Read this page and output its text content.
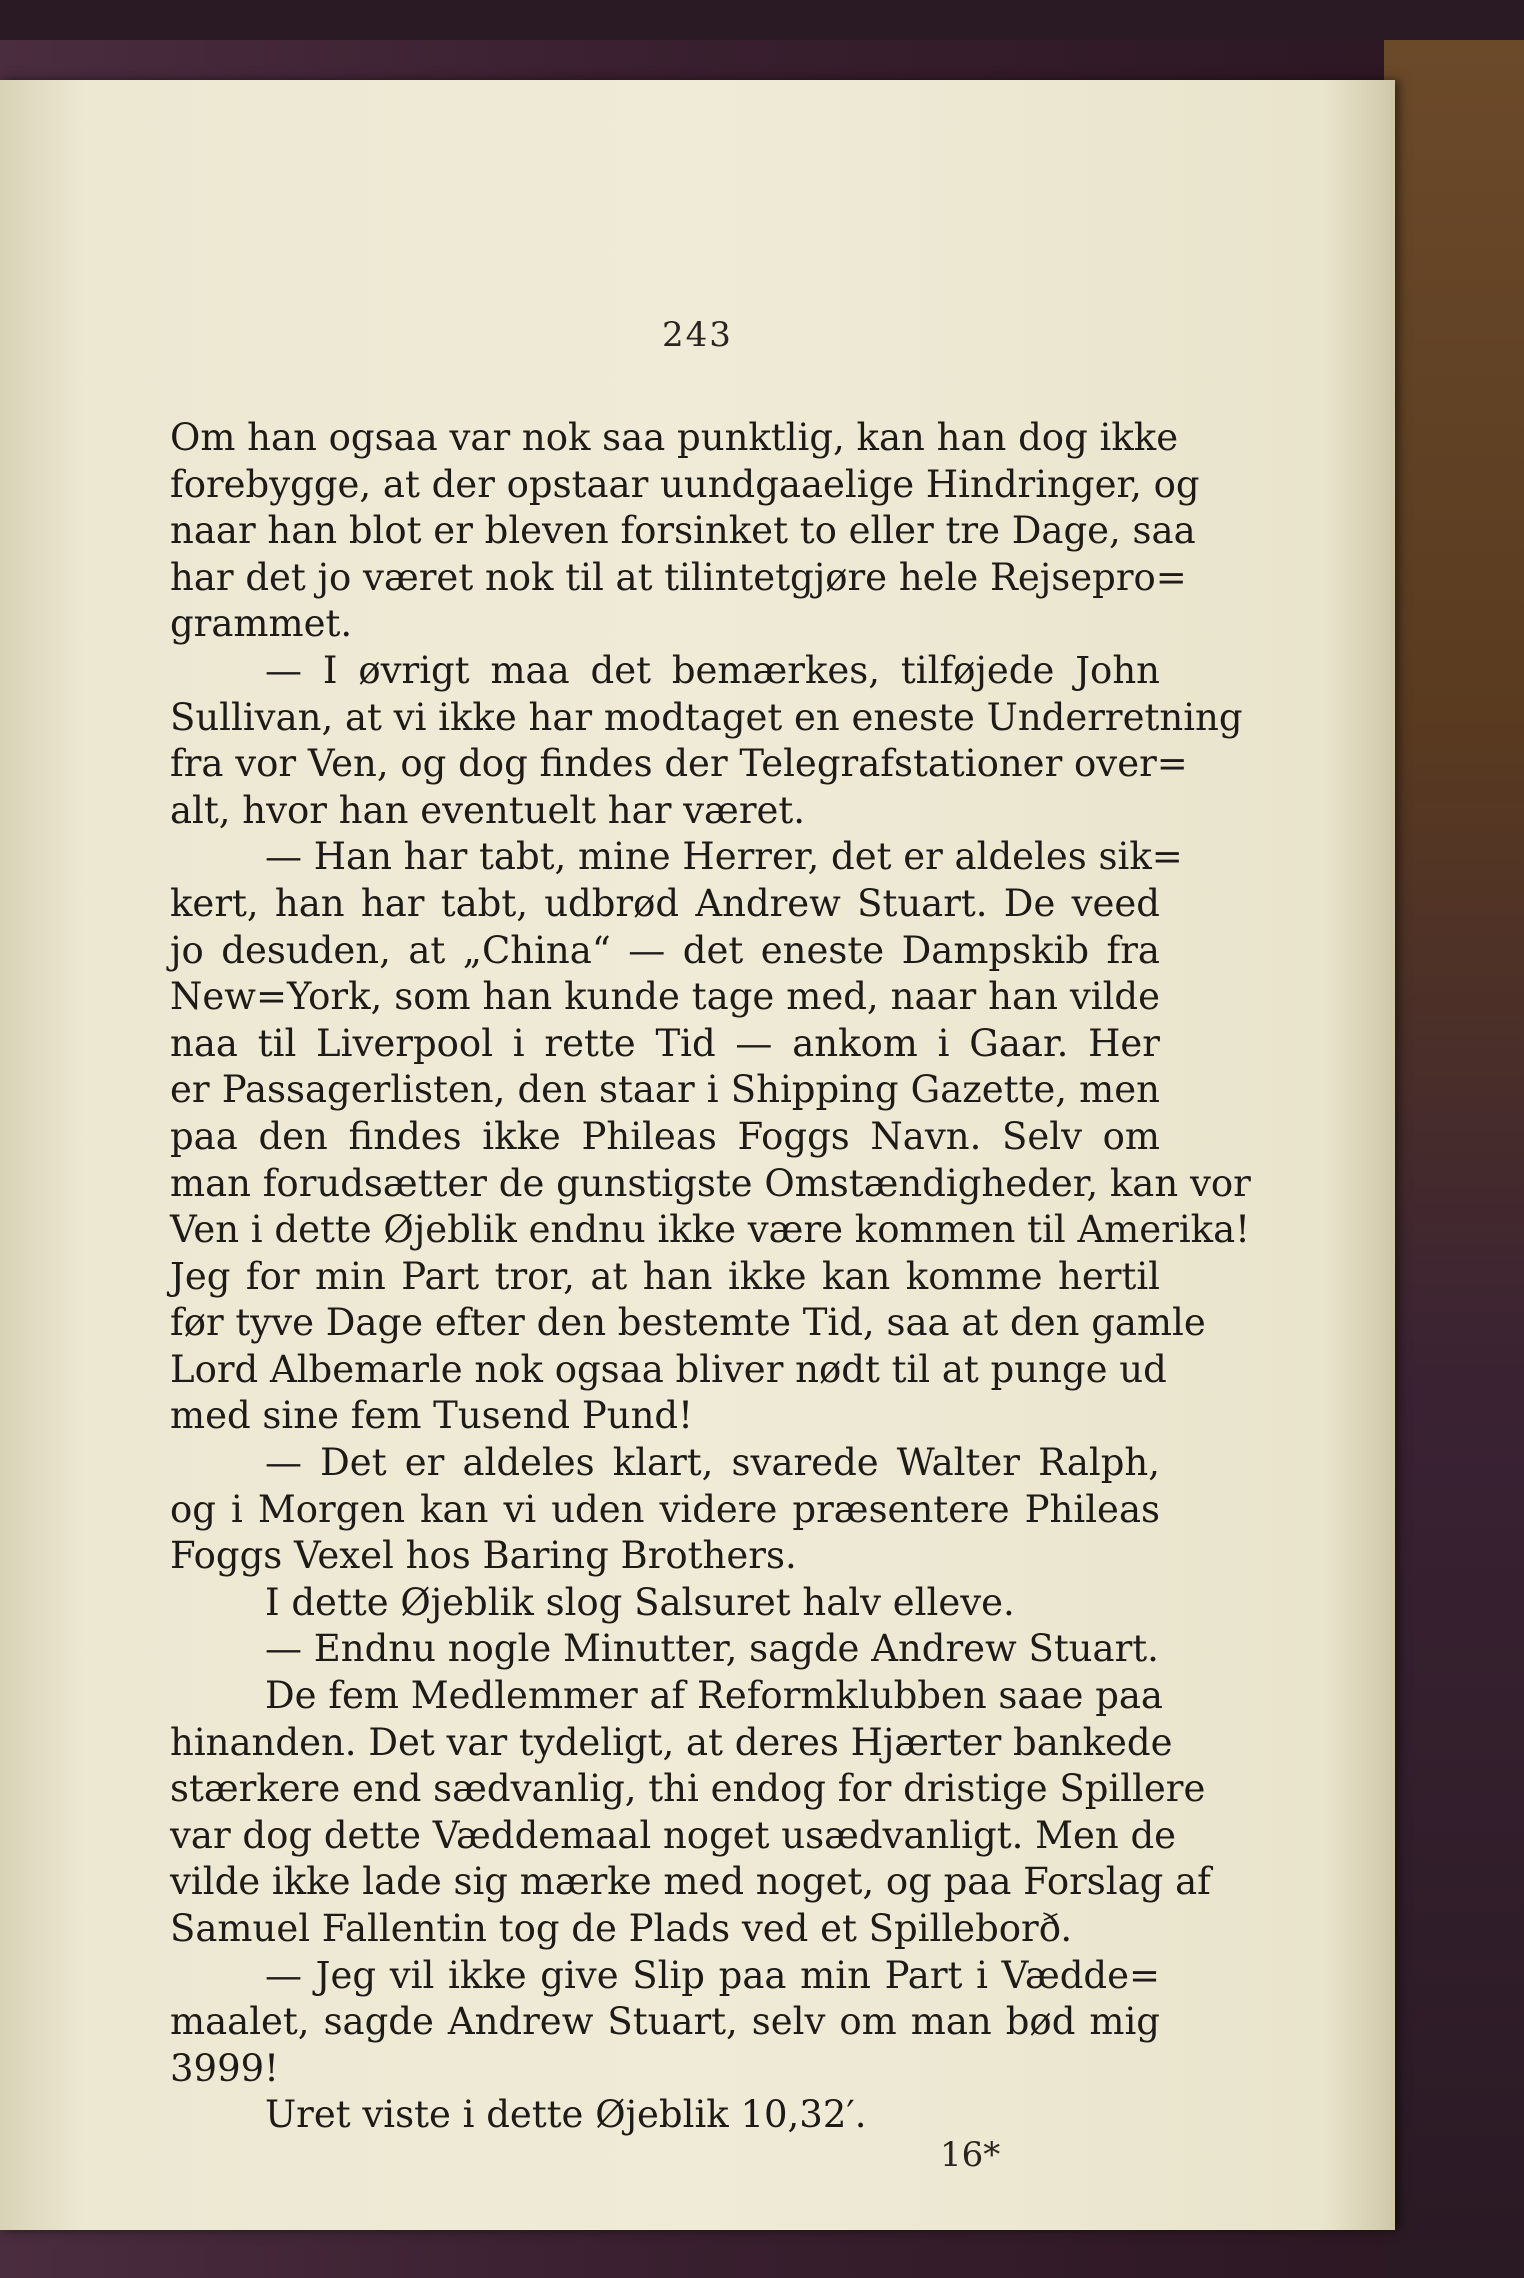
243
Om han ogsaa var nok saa punktlig, kan han dog ikke
forebygge, at der opstaar uundgaaelige Hindringer, og
naar han blot er bleven forsinket to eller tre Dage, saa
har det jo været nok til at tilintetgjøre hele Rejsepro=
grammet.
— I øvrigt maa det bemærkes, tilføjede John
Sullivan, at vi ikke har modtaget en eneste Underretning
fra vor Ven, og dog findes der Telegrafstationer over=
alt, hvor han eventuelt har været.
— Han har tabt, mine Herrer, det er aldeles sik=
kert, han har tabt, udbrød Andrew Stuart. De veed
jo desuden, at „China“ — det eneste Dampskib fra
New=York, som han kunde tage med, naar han vilde
naa til Liverpool i rette Tid — ankom i Gaar. Her
er Passagerlisten, den staar i Shipping Gazette, men
paa den findes ikke Phileas Foggs Navn. Selv om
man forudsætter de gunstigste Omstændigheder, kan vor
Ven i dette Øjeblik endnu ikke være kommen til Amerika!
Jeg for min Part tror, at han ikke kan komme hertil
før tyve Dage efter den bestemte Tid, saa at den gamle
Lord Albemarle nok ogsaa bliver nødt til at punge ud
med sine fem Tusend Pund!
— Det er aldeles klart, svarede Walter Ralph,
og i Morgen kan vi uden videre præsentere Phileas
Foggs Vexel hos Baring Brothers.
I dette Øjeblik slog Salsuret halv elleve.
— Endnu nogle Minutter, sagde Andrew Stuart.
De fem Medlemmer af Reformklubben saae paa
hinanden. Det var tydeligt, at deres Hjærter bankede
stærkere end sædvanlig, thi endog for dristige Spillere
var dog dette Væddemaal noget usædvanligt. Men de
vilde ikke lade sig mærke med noget, og paa Forslag af
Samuel Fallentin tog de Plads ved et Spilleborð.
— Jeg vil ikke give Slip paa min Part i Vædde=
maalet, sagde Andrew Stuart, selv om man bød mig
3999!
Uret viste i dette Øjeblik 10,32′.
16*
